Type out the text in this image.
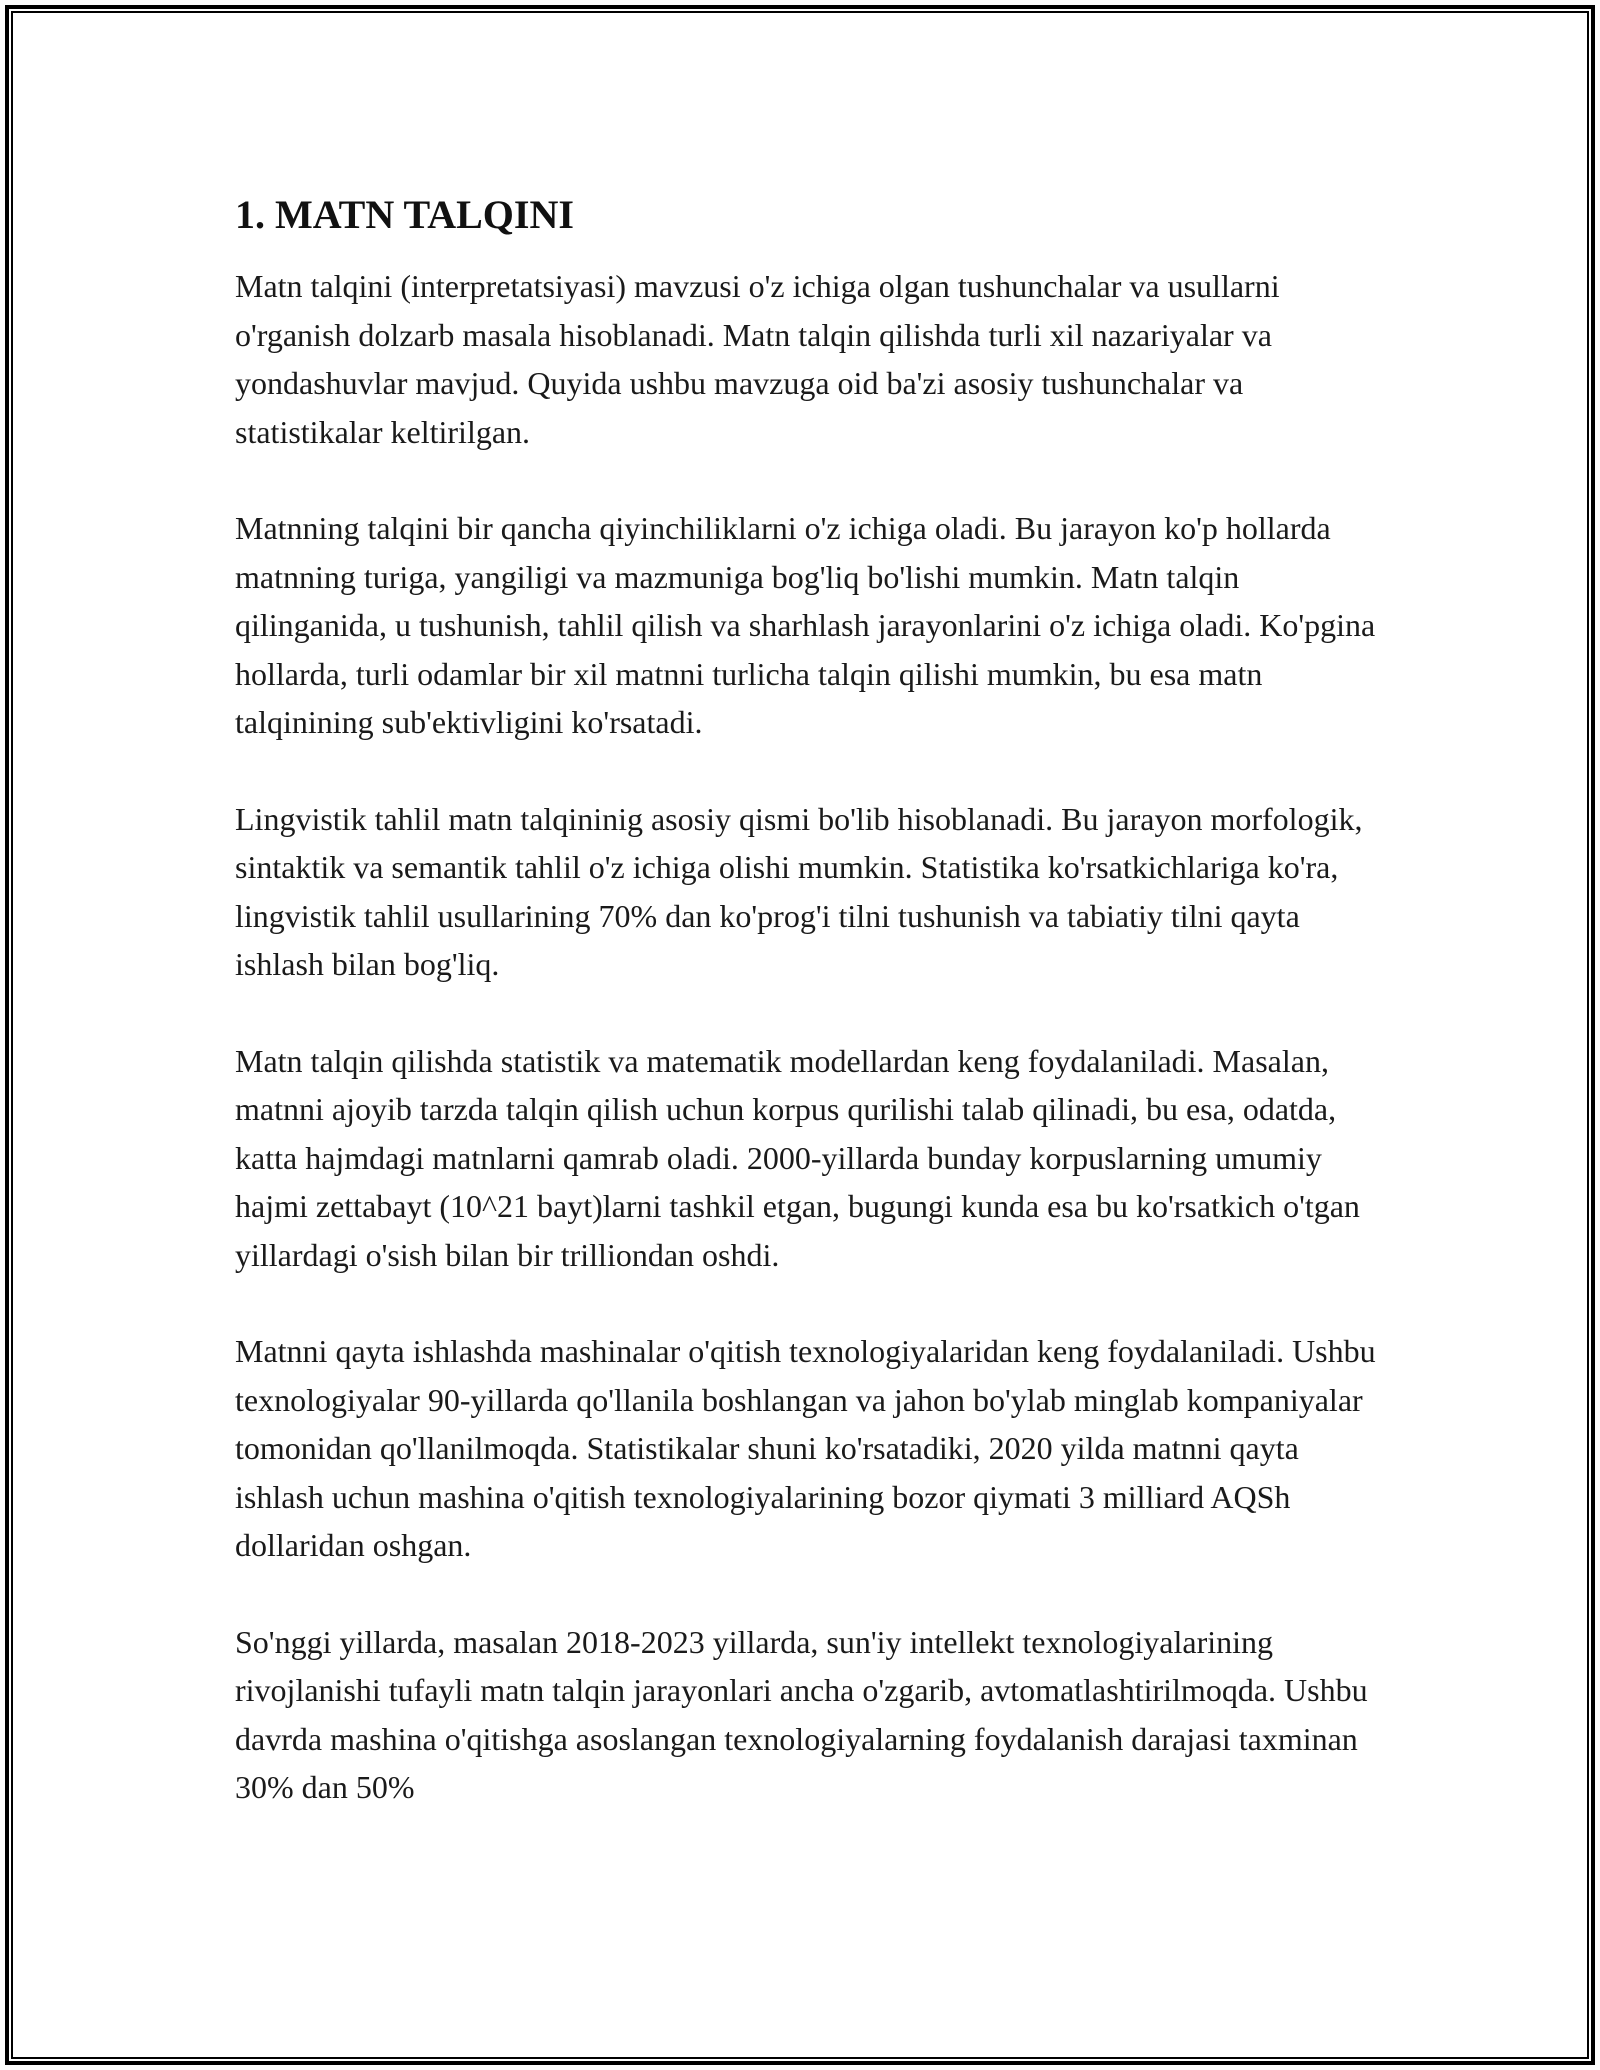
1. MATN TALQINI

Matn talqini (interpretatsiyasi) mavzusi o'z ichiga olgan tushunchalar va usullarni o'rganish dolzarb masala hisoblanadi. Matn talqin qilishda turli xil nazariyalar va yondashuvlar mavjud. Quyida ushbu mavzuga oid ba'zi asosiy tushunchalar va statistikalar keltirilgan.

Matnning talqini bir qancha qiyinchiliklarni o'z ichiga oladi. Bu jarayon ko'p hollarda matnning turiga, yangiligi va mazmuniga bog'liq bo'lishi mumkin. Matn talqin qilinganida, u tushunish, tahlil qilish va sharhlash jarayonlarini o'z ichiga oladi. Ko'pgina hollarda, turli odamlar bir xil matnni turlicha talqin qilishi mumkin, bu esa matn talqinining sub'ektivligini ko'rsatadi.

Lingvistik tahlil matn talqininig asosiy qismi bo'lib hisoblanadi. Bu jarayon morfologik, sintaktik va semantik tahlil o'z ichiga olishi mumkin. Statistika ko'rsatkichlariga ko'ra, lingvistik tahlil usullarining 70% dan ko'prog'i tilni tushunish va tabiatiy tilni qayta ishlash bilan bog'liq.

Matn talqin qilishda statistik va matematik modellardan keng foydalaniladi. Masalan, matnni ajoyib tarzda talqin qilish uchun korpus qurilishi talab qilinadi, bu esa, odatda, katta hajmdagi matnlarni qamrab oladi. 2000-yillarda bunday korpuslarning umumiy hajmi zettabayt (10^21 bayt)larni tashkil etgan, bugungi kunda esa bu ko'rsatkich o'tgan yillardagi o'sish bilan bir trilliondan oshdi.

Matnni qayta ishlashda mashinalar o'qitish texnologiyalaridan keng foydalaniladi. Ushbu texnologiyalar 90-yillarda qo'llanila boshlangan va jahon bo'ylab minglab kompaniyalar tomonidan qo'llanilmoqda. Statistikalar shuni ko'rsatadiki, 2020 yilda matnni qayta ishlash uchun mashina o'qitish texnologiyalarining bozor qiymati 3 milliard AQSh dollaridan oshgan.

So'nggi yillarda, masalan 2018-2023 yillarda, sun'iy intellekt texnologiyalarining rivojlanishi tufayli matn talqin jarayonlari ancha o'zgarib, avtomatlashtirilmoqda. Ushbu davrda mashina o'qitishga asoslangan texnologiyalarning foydalanish darajasi taxminan 30% dan 50%
